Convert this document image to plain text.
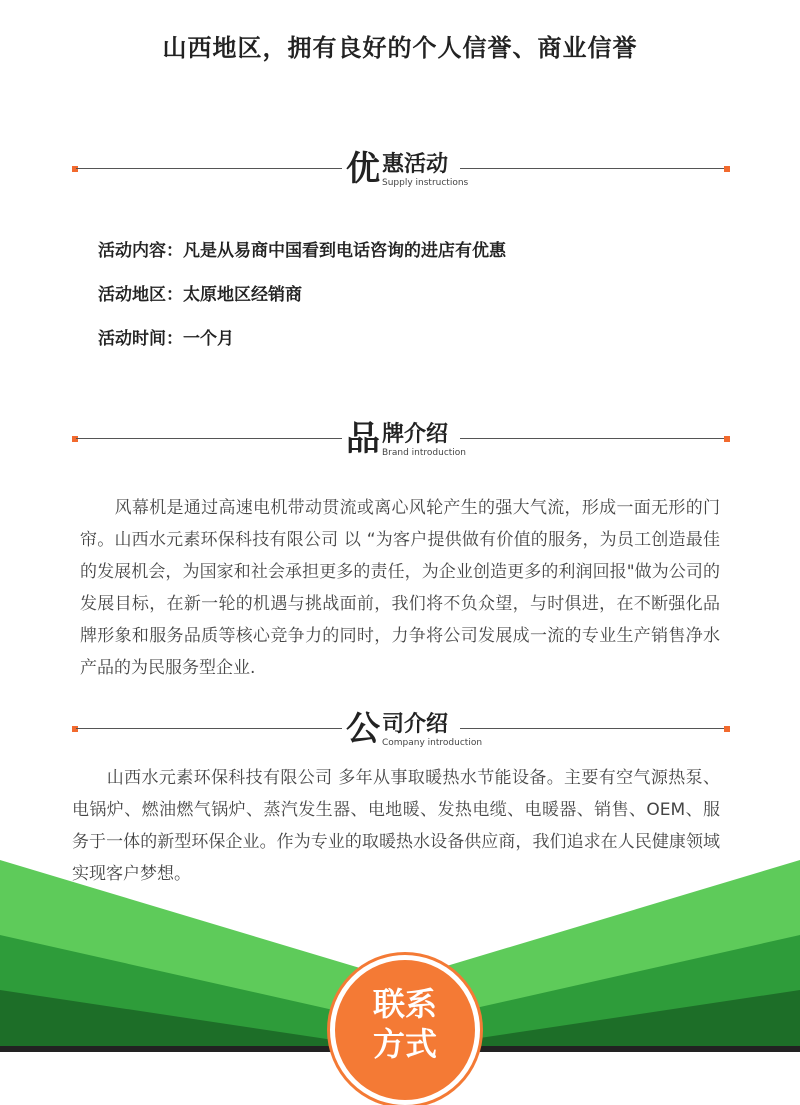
山西地区，拥有良好的个人信誉、商业信誉
优 惠活动
Supply instructions
活动内容：凡是从易商中国看到电话咨询的进店有优惠
活动地区：太原地区经销商
活动时间：一个月
品 牌介绍
Brand introduction
　　风幕机是通过高速电机带动贯流或离心风轮产生的强大气流，形成一面无形的门帘。山西水元素环保科技有限公司 以 “为客户提供做有价值的服务，为员工创造最佳的发展机会，为国家和社会承担更多的责任，为企业创造更多的利润回报"做为公司的发展目标，在新一轮的机遇与挑战面前，我们将不负众望，与时俱进，在不断强化品牌形象和服务品质等核心竞争力的同时，力争将公司发展成一流的专业生产销售净水产品的为民服务型企业.
公 司介绍
Company introduction
　　山西水元素环保科技有限公司 多年从事取暖热水节能设备。主要有空气源热泵、电锅炉、燃油燃气锅炉、蒸汽发生器、电地暖、发热电缆、电暖器、销售、OEM、服务于一体的新型环保企业。作为专业的取暖热水设备供应商，我们追求在人民健康领域实现客户梦想。
联系
方式
